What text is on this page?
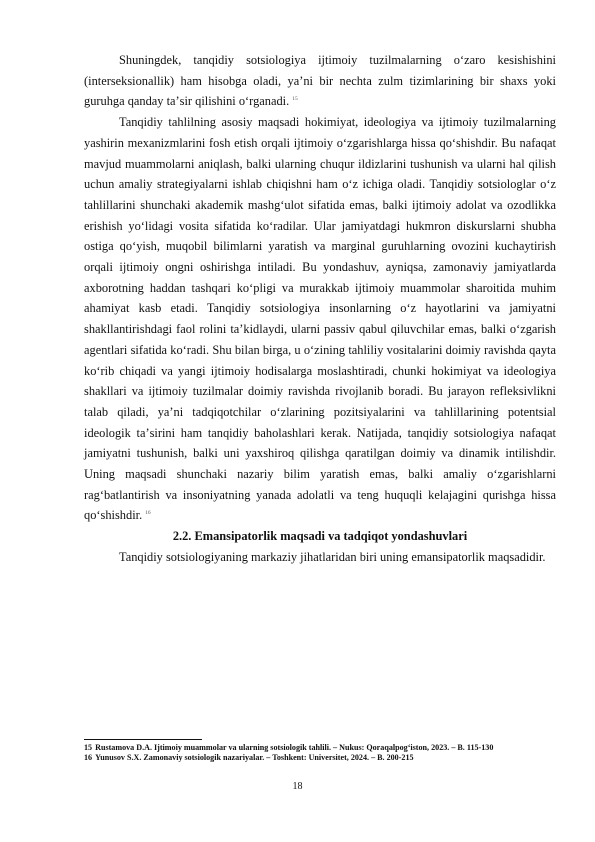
Shuningdek, tanqidiy sotsiologiya ijtimoiy tuzilmalarning oʻzaro kesishishini (interseksionallik) ham hisobga oladi, yaʼni bir nechta zulm tizimlarining bir shaxs yoki guruhga qanday taʼsir qilishini oʻrganadi. $^{15}$

Tanqidiy tahlilning asosiy maqsadi hokimiyat, ideologiya va ijtimoiy tuzilmalarning yashirin mexanizmlarini fosh etish orqali ijtimoiy oʻzgarishlarga hissa qoʻshishdir. Bu nafaqat mavjud muammolarni aniqlash, balki ularning chuqur ildizlarini tushunish va ularni hal qilish uchun amaliy strategiyalarni ishlab chiqishni ham oʻz ichiga oladi. Tanqidiy sotsiologlar oʻz tahlillarini shunchaki akademik mashgʻulot sifatida emas, balki ijtimoiy adolat va ozodlikka erishish yoʻlidagi vosita sifatida koʻradilar. Ular jamiyatdagi hukmron diskurslarni shubha ostiga qoʻyish, muqobil bilimlarni yaratish va marginal guruhlarning ovozini kuchaytirish orqali ijtimoiy ongni oshirishga intiladi. Bu yondashuv, ayniqsa, zamonaviy jamiyatlarda axborotning haddan tashqari koʻpligi va murakkab ijtimoiy muammolar sharoitida muhim ahamiyat kasb etadi. Tanqidiy sotsiologiya insonlarning oʻz hayotlarini va jamiyatni shakllantirishdagi faol rolini taʼkidlaydi, ularni passiv qabul qiluvchilar emas, balki oʻzgarish agentlari sifatida koʻradi. Shu bilan birga, u oʻzining tahliliy vositalarini doimiy ravishda qayta koʻrib chiqadi va yangi ijtimoiy hodisalarga moslashtiradi, chunki hokimiyat va ideologiya shakllari va ijtimoiy tuzilmalar doimiy ravishda rivojlanib boradi. Bu jarayon refleksivlikni talab qiladi, yaʼni tadqiqotchilar oʻzlarining pozitsiyalarini va tahlillarining potentsial ideologik taʼsirini ham tanqidiy baholashlari kerak. Natijada, tanqidiy sotsiologiya nafaqat jamiyatni tushunish, balki uni yaxshiroq qilishga qaratilgan doimiy va dinamik intilishdir. Uning maqsadi shunchaki nazariy bilim yaratish emas, balki amaliy oʻzgarishlarni ragʻbatlantirish va insoniyatning yanada adolatli va teng huquqli kelajagini qurishga hissa qoʻshishdir. $^{16}$

2.2. Emansipatorlik maqsadi va tadqiqot yondashuvlari

Tanqidiy sotsiologiyaning markaziy jihatlaridan biri uning emansipatorlik maqsadidir.

15 Rustamova D.A. Ijtimoiy muammolar va ularning sotsiologik tahlili. – Nukus: Qoraqalpogʻiston, 2023. – B. 115-130

16 Yunusov S.X. Zamonaviy sotsiologik nazariyalar. – Toshkent: Universitet, 2024. – B. 200-215

18
